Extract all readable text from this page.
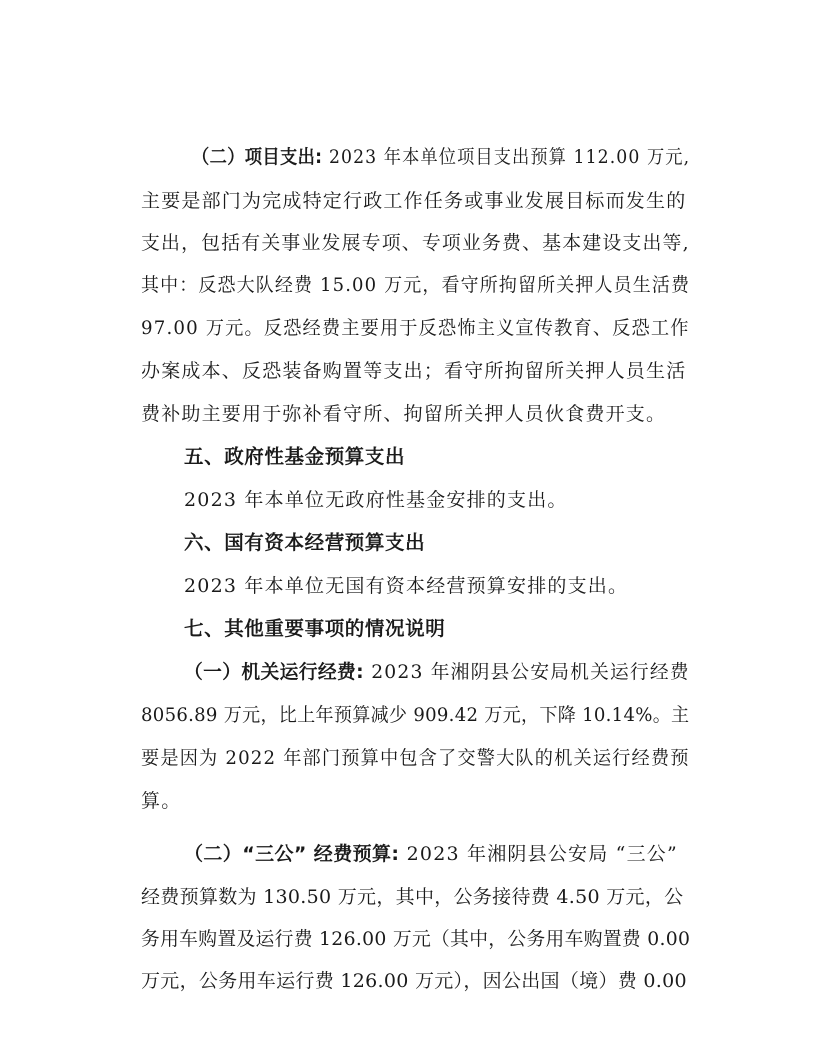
（二）项目支出: 2023 年本单位项目支出预算 112.00 万元,
主要是部门为完成特定行政工作任务或事业发展目标而发生的
支出，包括有关事业发展专项、专项业务费、基本建设支出等,
其中：反恐大队经费 15.00 万元，看守所拘留所关押人员生活费
97.00 万元。反恐经费主要用于反恐怖主义宣传教育、反恐工作
办案成本、反恐装备购置等支出；看守所拘留所关押人员生活
费补助主要用于弥补看守所、拘留所关押人员伙食费开支。
五、政府性基金预算支出
2023 年本单位无政府性基金安排的支出。
六、国有资本经营预算支出
2023 年本单位无国有资本经营预算安排的支出。
七、其他重要事项的情况说明
（一）机关运行经费: 2023 年湘阴县公安局机关运行经费
8056.89 万元，比上年预算减少 909.42 万元，下降 10.14%。主
要是因为 2022 年部门预算中包含了交警大队的机关运行经费预
算。
（二）“三公” 经费预算: 2023 年湘阴县公安局 “三公”
经费预算数为 130.50 万元，其中，公务接待费 4.50 万元，公
务用车购置及运行费 126.00 万元（其中，公务用车购置费 0.00
万元，公务用车运行费 126.00 万元），因公出国（境）费 0.00
